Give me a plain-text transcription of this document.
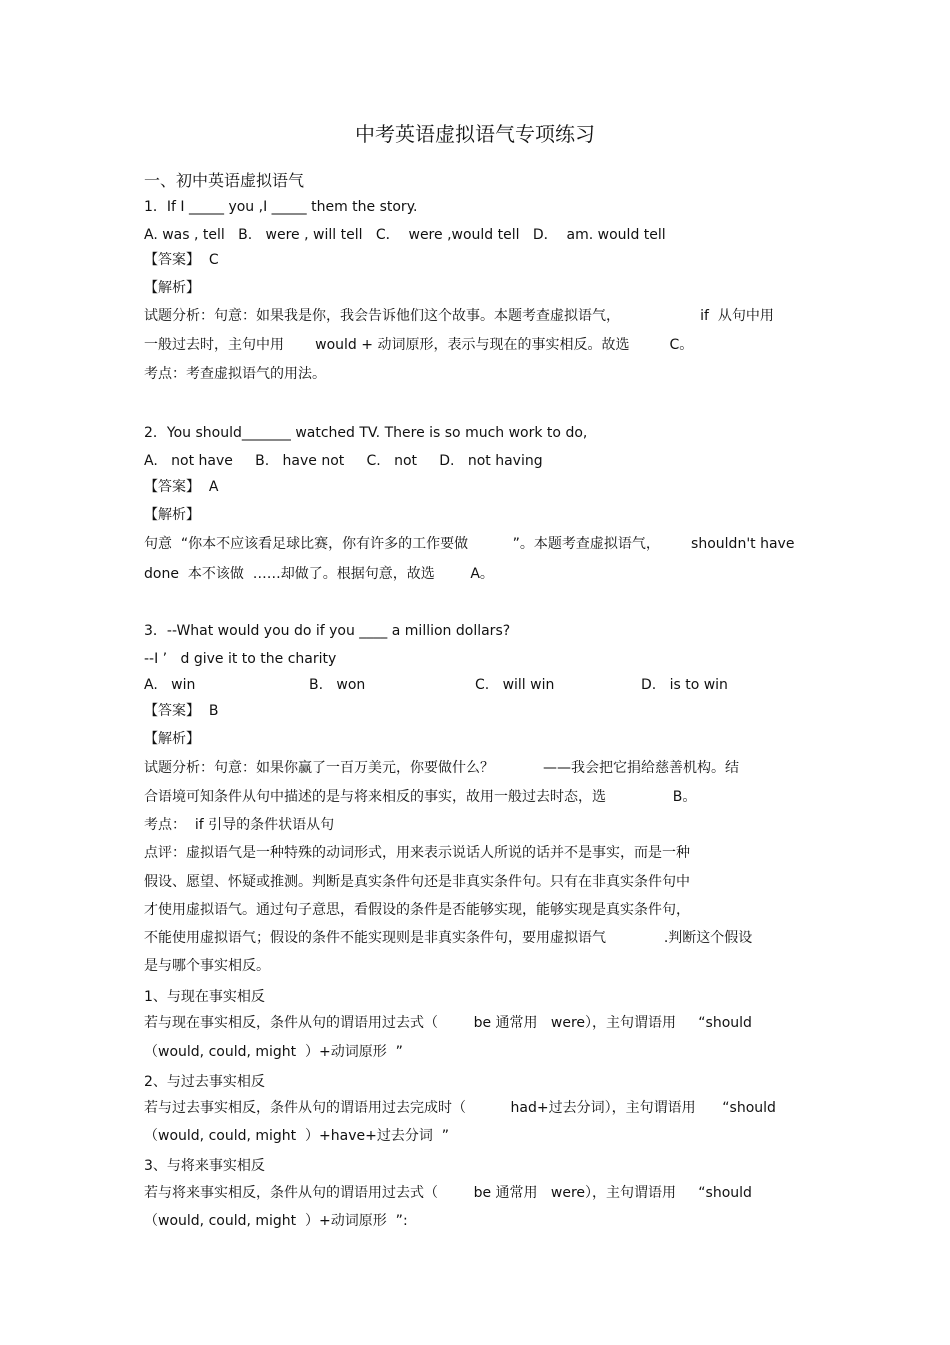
中考英语虚拟语气专项练习
一、初中英语虚拟语气
1．If I _____ you ,I _____ them the story.
A. was , tell   B.   were , will tell   C．  were ,would tell   D．  am. would tell
【答案】  C
【解析】
试题分析：句意：如果我是你，我会告诉他们这个故事。本题考查虚拟语气，                  if  从句中用
一般过去时，主句中用       would + 动词原形，表示与现在的事实相反。故选         C。
考点：考查虚拟语气的用法。
2．You should_______ watched TV. There is so much work to do,
A.   not have     B.   have not     C.   not     D.   not having
【答案】  A
【解析】
句意  “你本不应该看足球比赛，你有许多的工作要做          ”。本题考查虚拟语气，       shouldn't have
done  本不该做  ……却做了。根据句意，故选        A。
3．--What would you do if you ____ a million dollars?
--I ’   d give it to the charity
A.   win	B.   won	C.   will win	D.   is to win
【答案】  B
【解析】
试题分析：句意：如果你赢了一百万美元，你要做什么？           ——我会把它捐给慈善机构。结
合语境可知条件从句中描述的是与将来相反的事实，故用一般过去时态，选               B。
考点：  if 引导的条件状语从句
点评：虚拟语气是一种特殊的动词形式，用来表示说话人所说的话并不是事实，而是一种
假设、愿望、怀疑或推测。判断是真实条件句还是非真实条件句。只有在非真实条件句中
才使用虚拟语气。通过句子意思，看假设的条件是否能够实现，能够实现是真实条件句，
不能使用虚拟语气；假设的条件不能实现则是非真实条件句，要用虚拟语气             .判断这个假设
是与哪个事实相反。
1、与现在事实相反
若与现在事实相反，条件从句的谓语用过去式（        be 通常用   were），主句谓语用     “should
（would, could, might  ）+动词原形  ”
2、与过去事实相反
若与过去事实相反，条件从句的谓语用过去完成时（          had+过去分词），主句谓语用      “should
（would, could, might  ）+have+过去分词  ”
3、与将来事实相反
若与将来事实相反，条件从句的谓语用过去式（        be 通常用   were），主句谓语用     “should
（would, could, might  ）+动词原形  ”:
